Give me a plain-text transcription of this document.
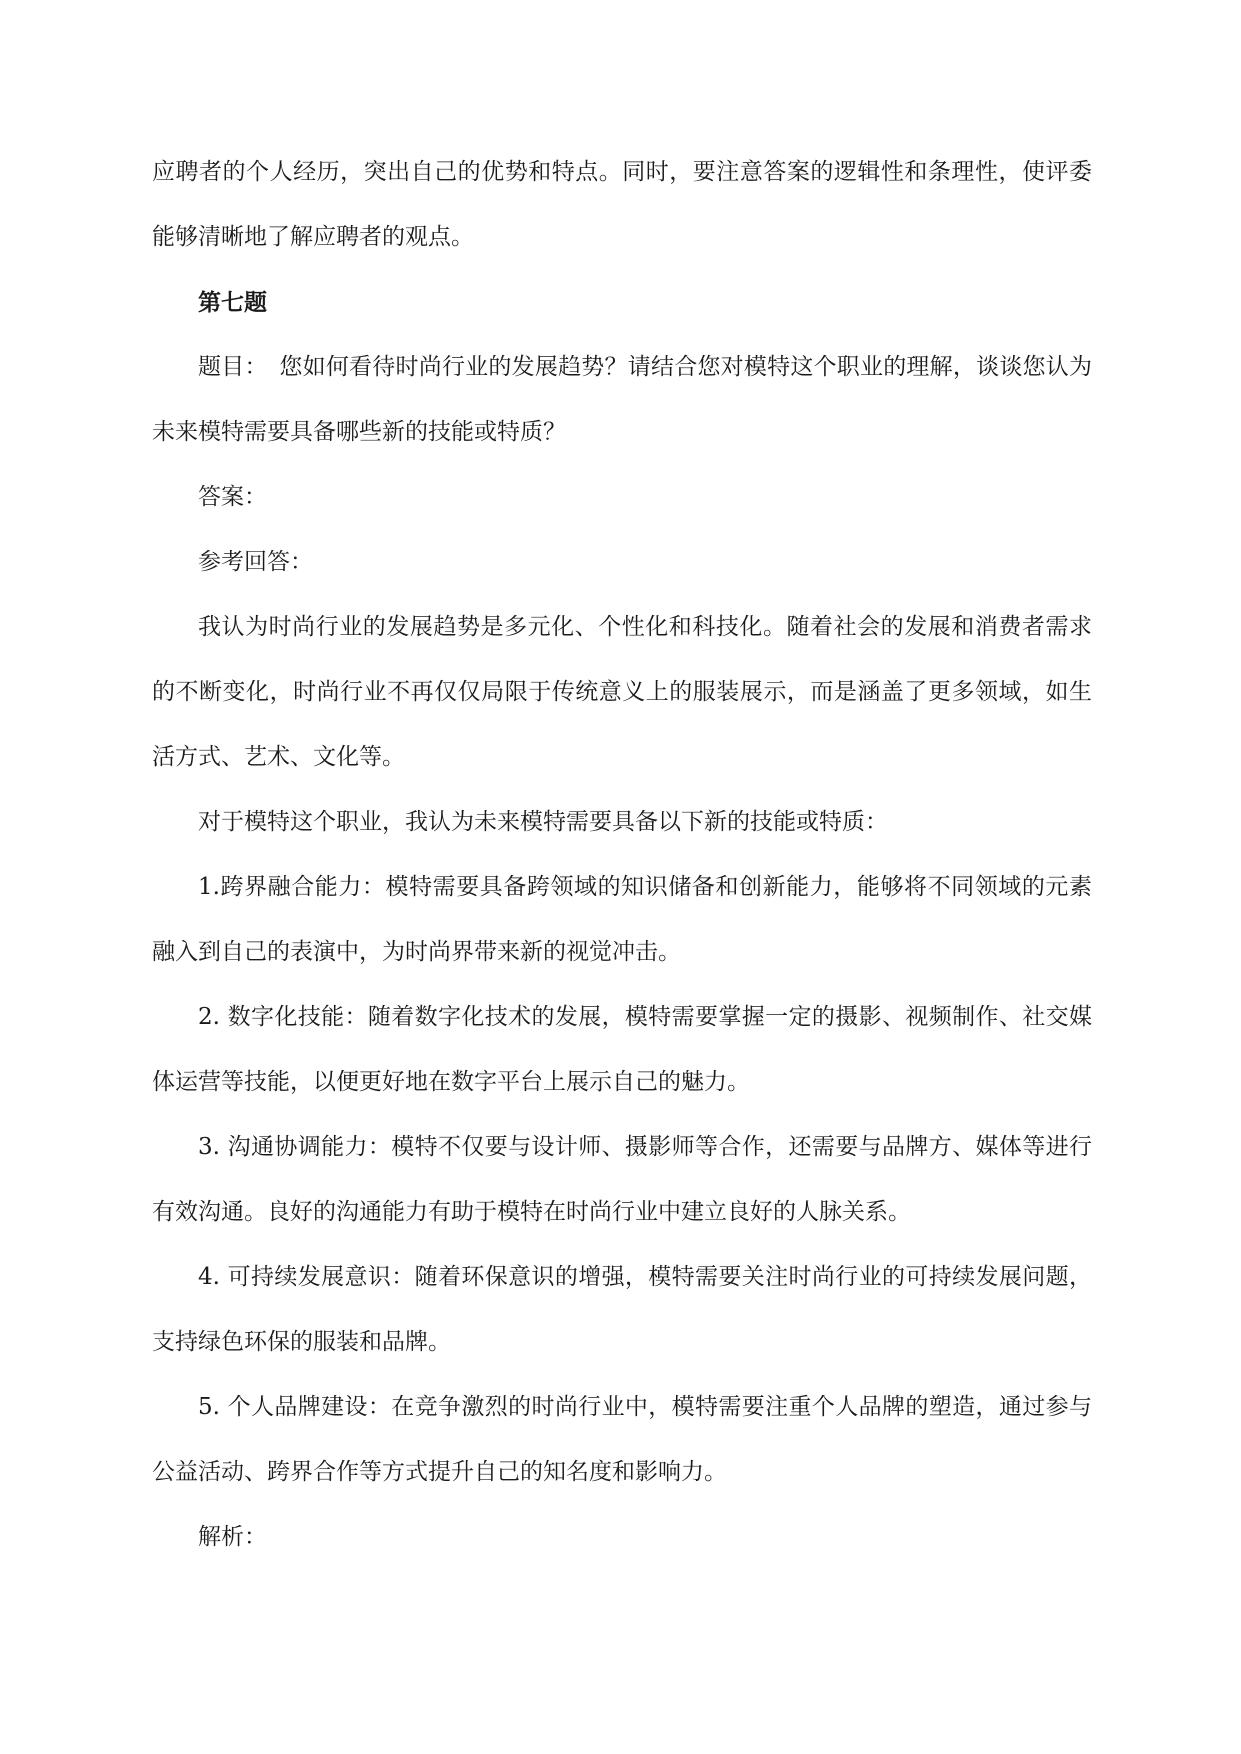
应聘者的个人经历，突出自己的优势和特点。同时，要注意答案的逻辑性和条理性，使评委能够清晰地了解应聘者的观点。

第七题

题目：　您如何看待时尚行业的发展趋势？请结合您对模特这个职业的理解，谈谈您认为未来模特需要具备哪些新的技能或特质？

答案：

参考回答：

我认为时尚行业的发展趋势是多元化、个性化和科技化。随着社会的发展和消费者需求的不断变化，时尚行业不再仅仅局限于传统意义上的服装展示，而是涵盖了更多领域，如生活方式、艺术、文化等。

对于模特这个职业，我认为未来模特需要具备以下新的技能或特质：

1.跨界融合能力：模特需要具备跨领域的知识储备和创新能力，能够将不同领域的元素融入到自己的表演中，为时尚界带来新的视觉冲击。

2. 数字化技能：随着数字化技术的发展，模特需要掌握一定的摄影、视频制作、社交媒体运营等技能，以便更好地在数字平台上展示自己的魅力。

3. 沟通协调能力：模特不仅要与设计师、摄影师等合作，还需要与品牌方、媒体等进行有效沟通。良好的沟通能力有助于模特在时尚行业中建立良好的人脉关系。

4. 可持续发展意识：随着环保意识的增强，模特需要关注时尚行业的可持续发展问题，支持绿色环保的服装和品牌。

5. 个人品牌建设：在竞争激烈的时尚行业中，模特需要注重个人品牌的塑造，通过参与公益活动、跨界合作等方式提升自己的知名度和影响力。

解析：
